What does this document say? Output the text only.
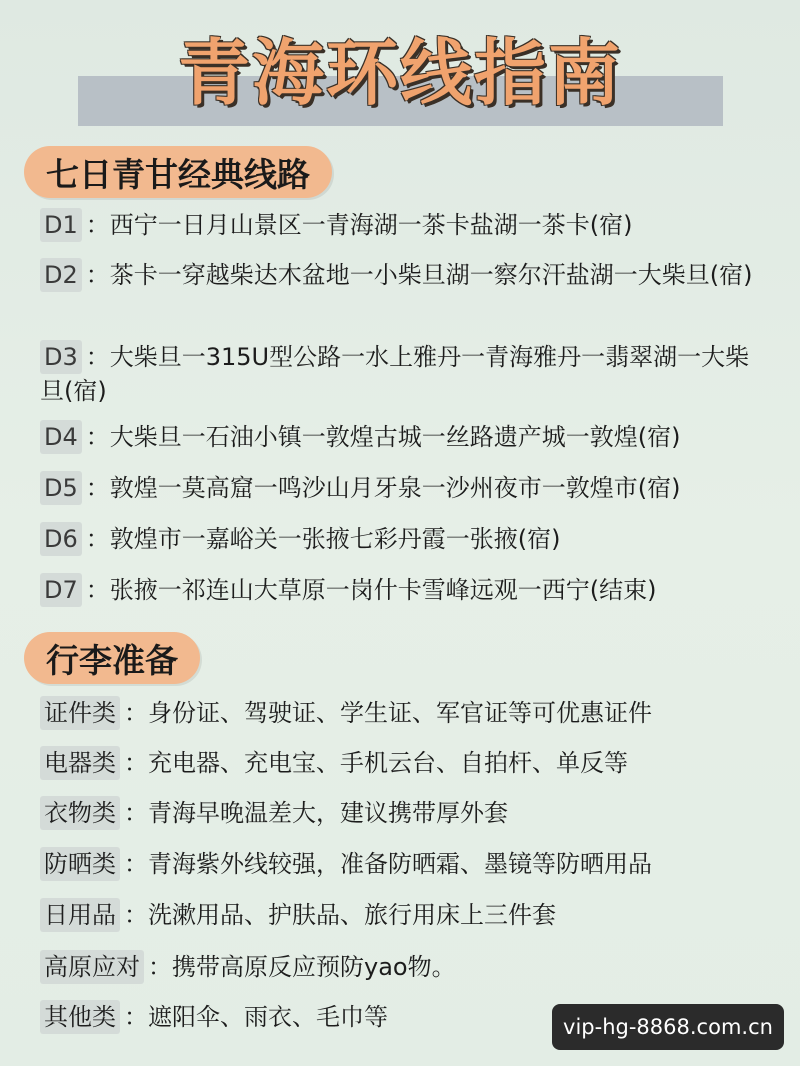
青海环线指南
七日青甘经典线路
D1 ：西宁一日月山景区一青海湖一茶卡盐湖一茶卡(宿)
D2 ：茶卡一穿越柴达木盆地一小柴旦湖一察尔汗盐湖一大柴旦(宿)
D3 ：大柴旦一315U型公路一水上雅丹一青海雅丹一翡翠湖一大柴旦(宿)
D4 ：大柴旦一石油小镇一敦煌古城一丝路遗产城一敦煌(宿)
D5 ：敦煌一莫高窟一鸣沙山月牙泉一沙州夜市一敦煌市(宿)
D6 ：敦煌市一嘉峪关一张掖七彩丹霞一张掖(宿)
D7 ：张掖一祁连山大草原一岗什卡雪峰远观一西宁(结束)
行李准备
证件类 ：身份证、驾驶证、学生证、军官证等可优惠证件
电器类 ：充电器、充电宝、手机云台、自拍杆、单反等
衣物类 ：青海早晚温差大，建议携带厚外套
防晒类 ：青海紫外线较强，准备防晒霜、墨镜等防晒用品
日用品 ：洗漱用品、护肤品、旅行用床上三件套
高原应对 ：携带高原反应预防yao物。
其他类 ：遮阳伞、雨衣、毛巾等	vip-hg-8868.com.cn
